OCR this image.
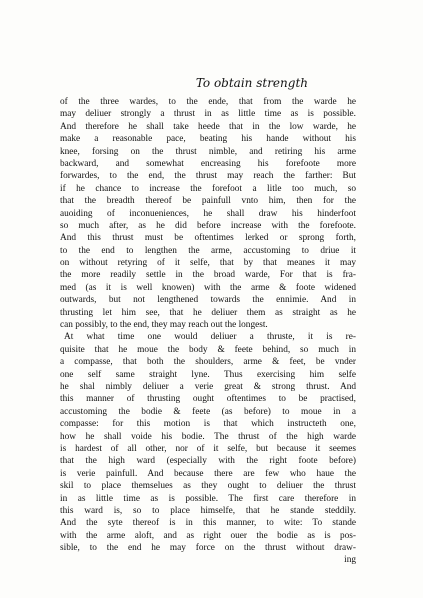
To obtain strength
of the three wardes, to the ende, that from the warde he
may deliuer strongly a thrust in as little time as is possible.
And therefore he shall take heede that in the low warde, he
make a reasonable pace, beating his hande without his
knee, forsing on the thrust nimble, and retiring his arme
backward, and somewhat encreasing his forefoote more
forwardes, to the end, the thrust may reach the farther: But
if he chance to increase the forefoot a litle too much, so
that the breadth thereof be painfull vnto him, then for the
auoiding of inconueniences, he shall draw his hinderfoot
so much after, as he did before increase with the forefoote.
And this thrust must be oftentimes lerked or sprong forth,
to the end to lengthen the arme, accustoming to driue it
on without retyring of it selfe, that by that meanes it may
the more readily settle in the broad warde, For that is fra-
med (as it is well knowen) with the arme & foote widened
outwards, but not lengthened towards the ennimie. And in
thrusting let him see, that he deliuer them as straight as he
can possibly, to the end, they may reach out the longest.
At what time one would deliuer a thruste, it is re-
quisite that he moue the body & feete behind, so much in
a compasse, that both the shoulders, arme & feet, be vnder
one self same straight lyne. Thus exercising him selfe
he shal nimbly deliuer a verie great & strong thrust. And
this manner of thrusting ought oftentimes to be practised,
accustoming the bodie & feete (as before) to moue in a
compasse: for this motion is that which instructeth one,
how he shall voide his bodie. The thrust of the high warde
is hardest of all other, nor of it selfe, but because it seemes
that the high ward (especially with the right foote before)
is verie painfull. And because there are few who haue the
skil to place themselues as they ought to deliuer the thrust
in as little time as is possible. The first care therefore in
this ward is, so to place himselfe, that he stande steddily.
And the syte thereof is in this manner, to wite: To stande
with the arme aloft, and as right ouer the bodie as is pos-
sible, to the end he may force on the thrust without draw-
ing
